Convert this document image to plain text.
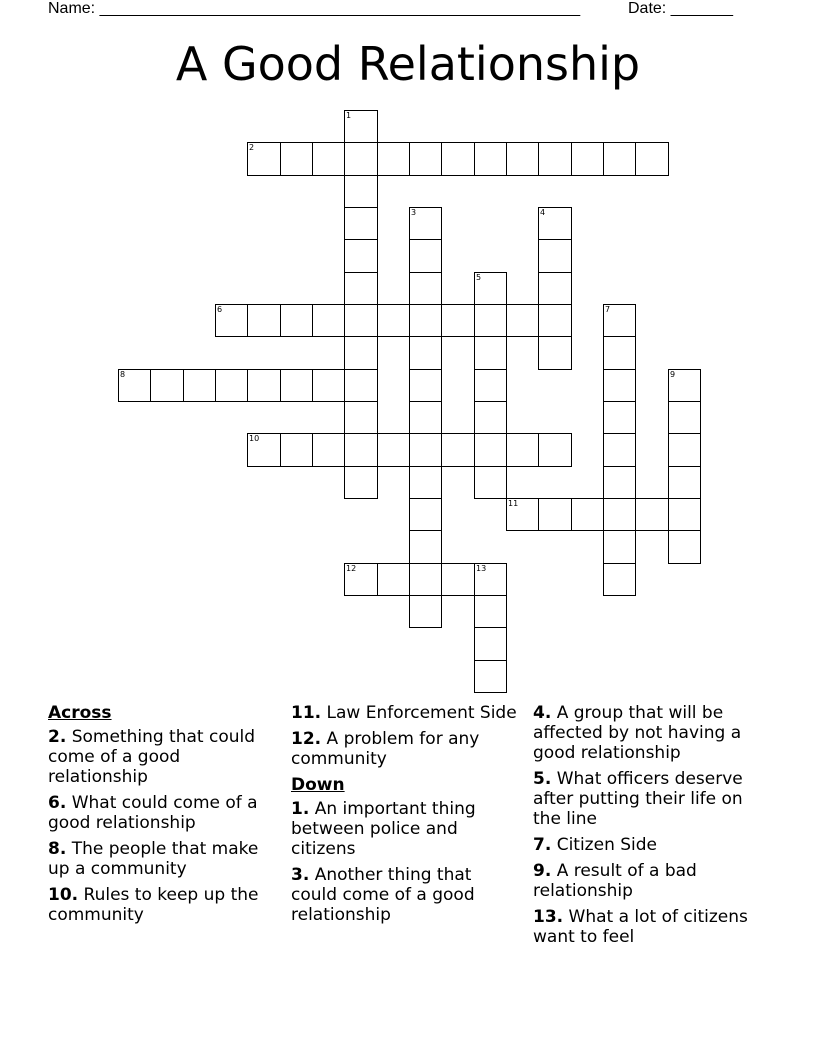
Name: ______________________________________________________	Date: _______
A Good Relationship
1
2
3	4
5
6	7
8	9
10
11
12	13
Across
2. Something that could come of a good relationship
6. What could come of a good relationship
8. The people that make up a community
10. Rules to keep up the community
11. Law Enforcement Side
12. A problem for any community
Down
1. An important thing between police and citizens
3. Another thing that could come of a good relationship
4. A group that will be affected by not having a good relationship
5. What officers deserve after putting their life on the line
7. Citizen Side
9. A result of a bad relationship
13. What a lot of citizens want to feel
